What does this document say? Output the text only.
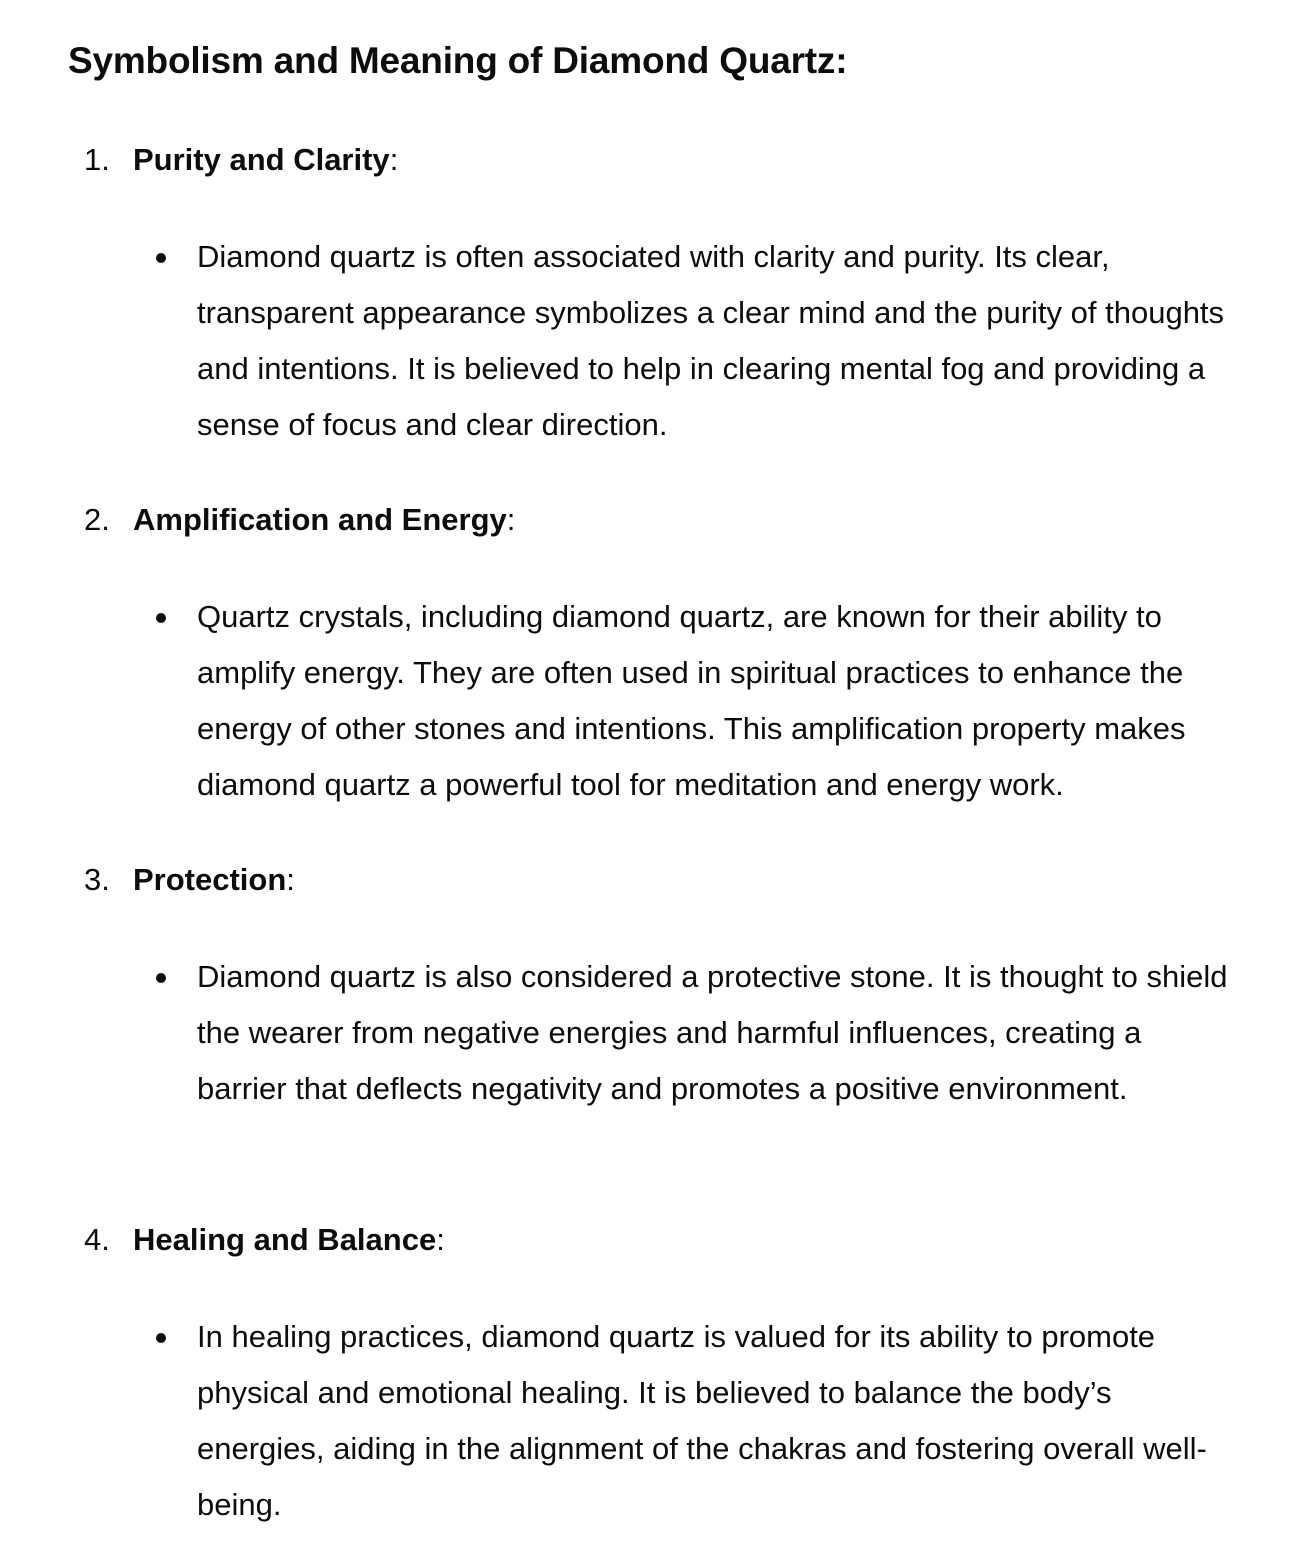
Symbolism and Meaning of Diamond Quartz:
1. Purity and Clarity:

Diamond quartz is often associated with clarity and purity. Its clear, transparent appearance symbolizes a clear mind and the purity of thoughts and intentions. It is believed to help in clearing mental fog and providing a sense of focus and clear direction.

2. Amplification and Energy:

Quartz crystals, including diamond quartz, are known for their ability to amplify energy. They are often used in spiritual practices to enhance the energy of other stones and intentions. This amplification property makes diamond quartz a powerful tool for meditation and energy work.

3. Protection:

Diamond quartz is also considered a protective stone. It is thought to shield the wearer from negative energies and harmful influences, creating a barrier that deflects negativity and promotes a positive environment.

4. Healing and Balance:

In healing practices, diamond quartz is valued for its ability to promote physical and emotional healing. It is believed to balance the body’s energies, aiding in the alignment of the chakras and fostering overall well-being.
